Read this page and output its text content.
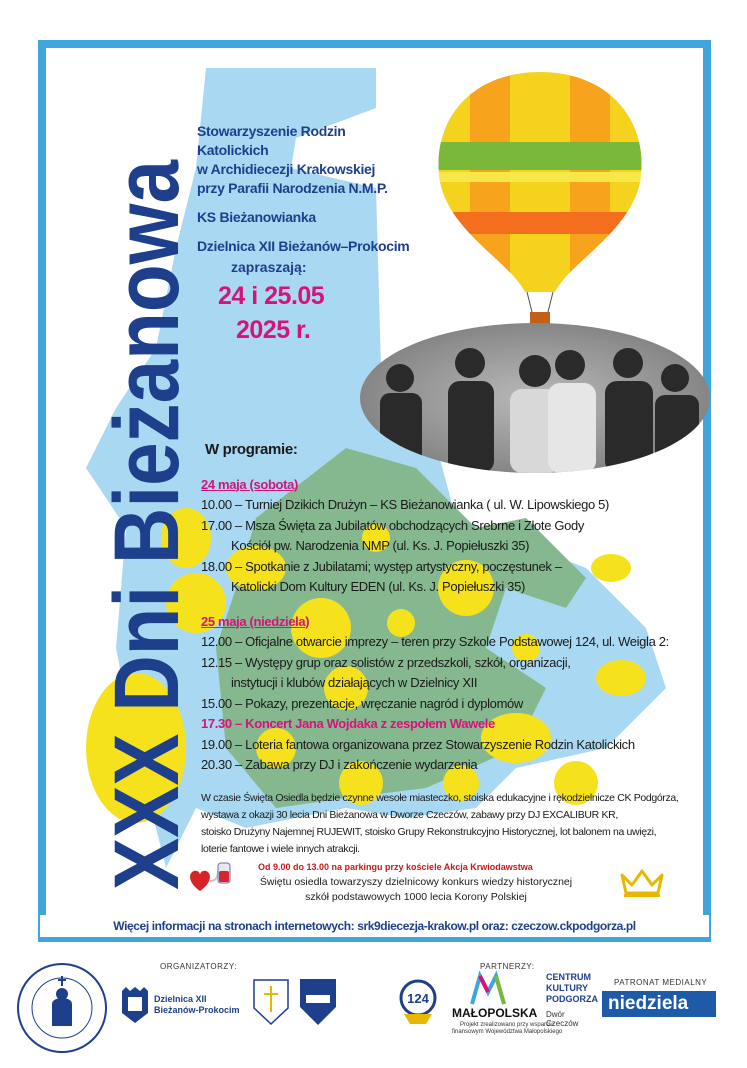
XXX Dni Bieżanowa Stowarzyszenie Rodzin Katolickich
w Archidiecezji Krakowskiej
przy Parafii Narodzenia N.M.P.
KS Bieżanowianka
Dzielnica XII Bieżanów–Prokocim
zapraszają:
24 i 25.05
2025 r.
W programie:
24 maja (sobota)
10.00 – Turniej Dzikich Drużyn – KS Bieżanowianka ( ul. W. Lipowskiego 5)
17.00 – Msza Święta za Jubilatów obchodzących Srebrne i Złote Gody
Kościół pw. Narodzenia NMP (ul. Ks. J. Popiełuszki 35)
18.00 – Spotkanie z Jubilatami; występ artystyczny, poczęstunek –
Katolicki Dom Kultury EDEN (ul. Ks. J. Popiełuszki 35)
25 maja (niedziela)
12.00 – Oficjalne otwarcie imprezy – teren przy Szkole Podstawowej 124, ul. Weigla 2:
12.15 – Występy grup oraz solistów z przedszkoli, szkół, organizacji,
instytucji i klubów działających w Dzielnicy XII
15.00 – Pokazy, prezentacje, wręczanie nagród i dyplomów
17.30 – Koncert Jana Wojdaka z zespołem Wawele
19.00 – Loteria fantowa organizowana przez Stowarzyszenie Rodzin Katolickich
20.30 – Zabawa przy DJ i zakończenie wydarzenia
W czasie Święta Osiedla będzie czynne wesołe miasteczko, stoiska edukacyjne i rękodzielnicze CK Podgórza,
wystawa z okazji 30 lecia Dni Bieżanowa w Dworze Czeczów, zabawy przy DJ EXCALIBUR KR,
stoisko Drużyny Najemnej RUJEWIT, stoisko Grupy Rekonstrukcyjno Historycznej, lot balonem na uwięzi,
loterie fantowe i wiele innych atrakcji.
Od 9.00 do 13.00 na parkingu przy kościele Akcja Krwiodawstwa
Świętu osiedla towarzyszy dzielnicowy konkurs wiedzy historycznej
szkół podstawowych 1000 lecia Korony Polskiej
Więcej informacji na stronach internetowych: srk9diecezja-krakow.pl oraz: czeczow.ckpodgorza.pl
ORGANIZATORZY:	PARTNERZY:
PATRONAT MEDIALNY
Dzielnica XII
Bieżanów-Prokocim
124
MAŁOPOLSKA
Projekt zrealizowano przy wsparciu
finansowym Województwa Małopolskiego
CENTRUM
KULTURY
PODGORZA
Dwór
Czeczów
niedziela
